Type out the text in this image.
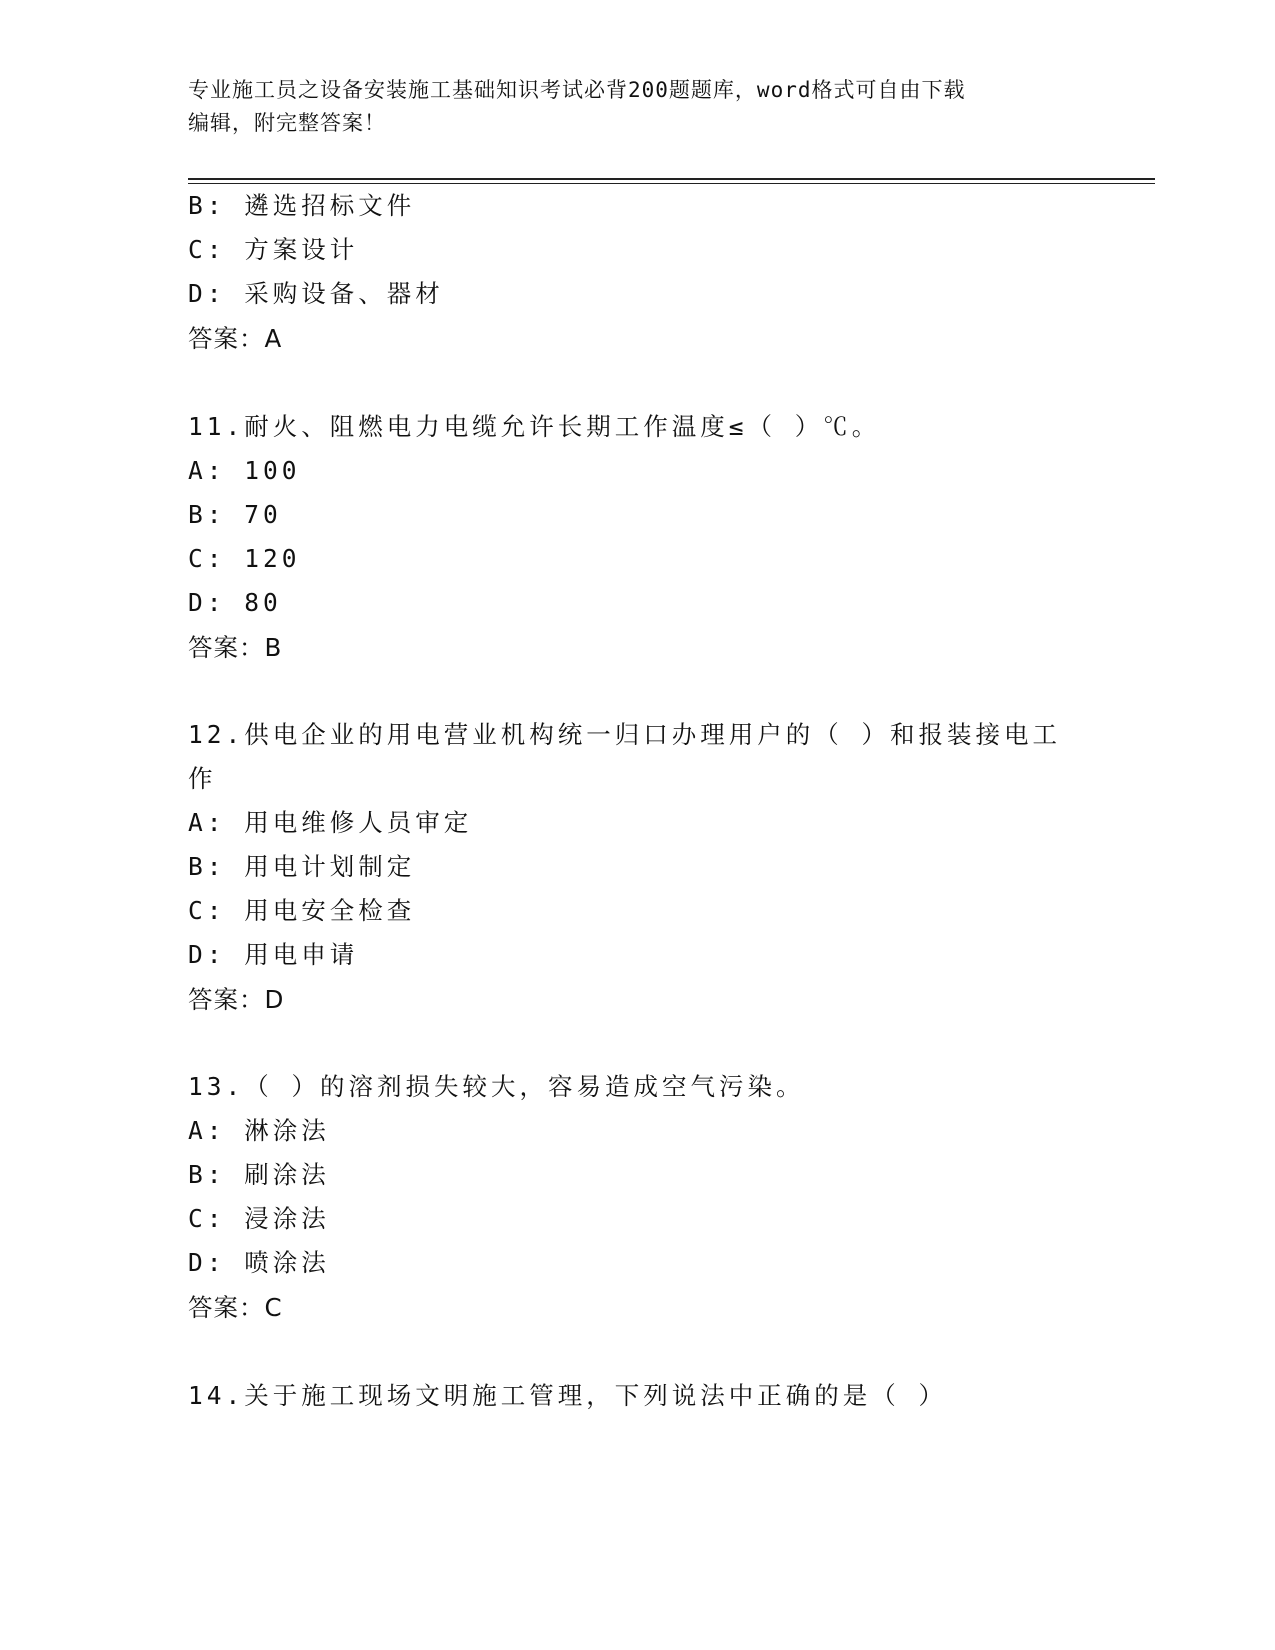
专业施工员之设备安装施工基础知识考试必背200题题库，word格式可自由下载
编辑，附完整答案！
B: 遴选招标文件
C: 方案设计
D: 采购设备、器材
答案：A
11.耐火、阻燃电力电缆允许长期工作温度≤（ ）℃。
A: 100
B: 70
C: 120
D: 80
答案：B
12.供电企业的用电营业机构统一归口办理用户的（ ）和报装接电工
作
A: 用电维修人员审定
B: 用电计划制定
C: 用电安全检查
D: 用电申请
答案：D
13.（ ）的溶剂损失较大，容易造成空气污染。
A: 淋涂法
B: 刷涂法
C: 浸涂法
D: 喷涂法
答案：C
14.关于施工现场文明施工管理，下列说法中正确的是（ ）
